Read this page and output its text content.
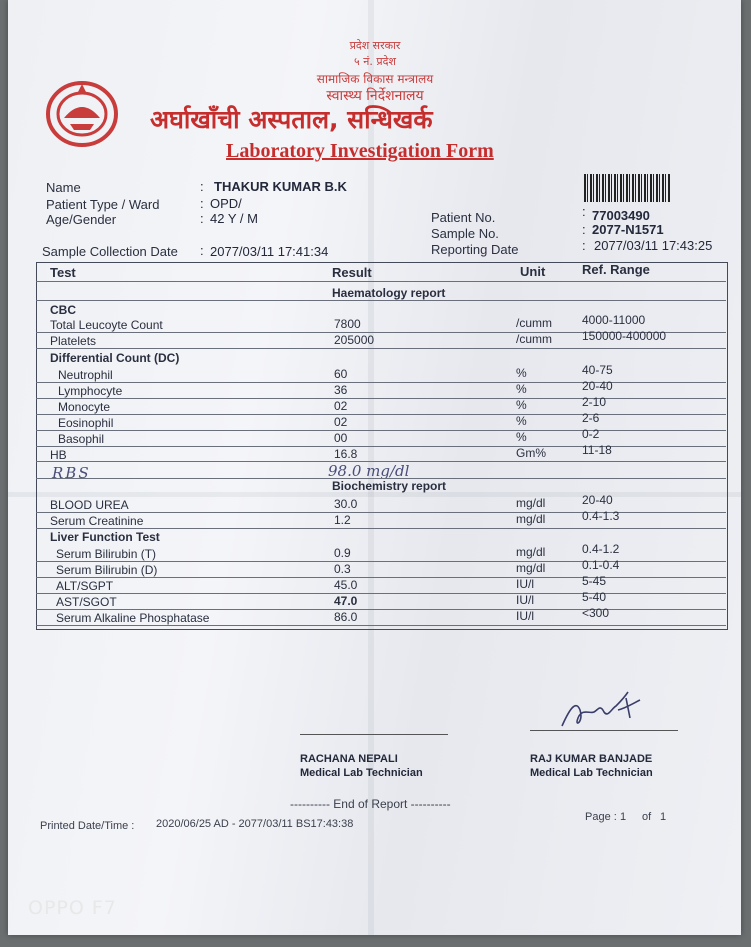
प्रदेश सरकार
५ नं. प्रदेश
सामाजिक विकास मन्त्रालय
स्वास्थ्य निर्देशनालय
अर्घाखाँची अस्पताल, सन्धिखर्क
Laboratory Investigation Form
Name	: THAKUR KUMAR B.K
Patient Type / Ward	: OPD/
Age/Gender	: 42 Y / M
Sample Collection Date : 2077/03/11 17:41:34
Patient No.	: 77003490
Sample No.	: 2077-N1571
Reporting Date	: 2077/03/11 17:43:25
Test	Result	Unit	Ref. Range
Haematology report
CBC
Total Leucoyte Count	7800	/cumm	4000-11000
Platelets	205000	/cumm	150000-400000
Differential Count (DC)
Neutrophil	60	%	40-75
Lymphocyte	36	%	20-40
Monocyte	02	%	2-10
Eosinophil	02	%	2-6
Basophil	00	%	0-2
HB	16.8	Gm%	11-18
RBS	98.0 mg/dl
Biochemistry report
BLOOD UREA	30.0	mg/dl	20-40
Serum Creatinine	1.2	mg/dl	0.4-1.3
Liver Function Test
Serum Bilirubin (T)	0.9	mg/dl	0.4-1.2
Serum Bilirubin (D)	0.3	mg/dl	0.1-0.4
ALT/SGPT	45.0	IU/l	5-45
AST/SGOT	47.0	IU/l	5-40
Serum Alkaline Phosphatase	86.0	IU/l	<300
RACHANA NEPALI
Medical Lab Technician
RAJ KUMAR BANJADE
Medical Lab Technician
---------- End of Report ----------
Printed Date/Time : 2020/06/25 AD - 2077/03/11 BS17:43:38
Page : 1 of 1
OPPO F7
